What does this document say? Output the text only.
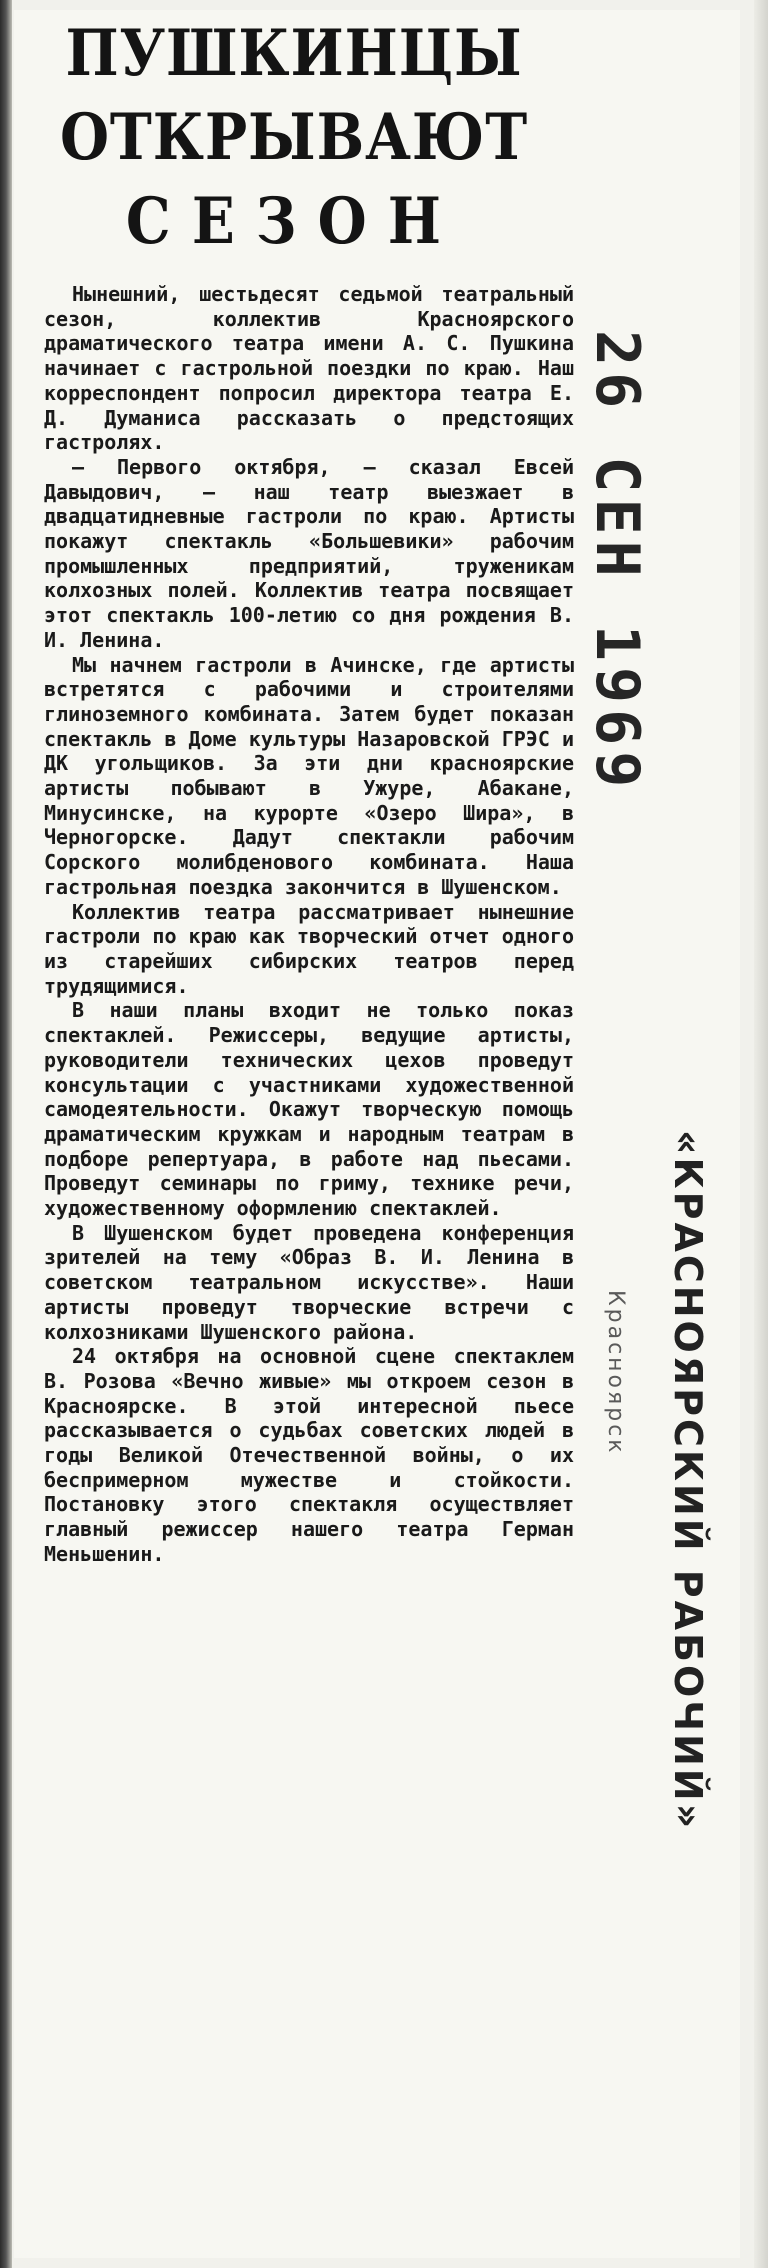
ПУШКИНЦЫ
ОТКРЫВАЮТ
СЕЗОН

Нынешний, шестьдесят седьмой театральный сезон, коллектив Красноярского драматического театра имени А. С. Пушкина начинает с гастрольной поездки по краю. Наш корреспондент попросил директора театра Е. Д. Думаниса рассказать о предстоящих гастролях.

— Первого октября, — сказал Евсей Давыдович, — наш театр выезжает в двадцатидневные гастроли по краю. Артисты покажут спектакль «Большевики» рабочим промышленных предприятий, труженикам колхозных полей. Коллектив театра посвящает этот спектакль 100-летию со дня рождения В. И. Ленина.

Мы начнем гастроли в Ачинске, где артисты встретятся с рабочими и строителями глиноземного комбината. Затем будет показан спектакль в Доме культуры Назаровской ГРЭС и ДК угольщиков. За эти дни красноярские артисты побывают в Ужуре, Абакане, Минусинске, на курорте «Озеро Шира», в Черногорске. Дадут спектакли рабочим Сорского молибденового комбината. Наша гастрольная поездка закончится в Шушенском.

Коллектив театра рассматривает нынешние гастроли по краю как творческий отчет одного из старейших сибирских театров перед трудящимися.

В наши планы входит не только показ спектаклей. Режиссеры, ведущие артисты, руководители технических цехов проведут консультации с участниками художественной самодеятельности. Окажут творческую помощь драматическим кружкам и народным театрам в подборе репертуара, в работе над пьесами. Проведут семинары по гриму, технике речи, художественному оформлению спектаклей.

В Шушенском будет проведена конференция зрителей на тему «Образ В. И. Ленина в советском театральном искусстве». Наши артисты проведут творческие встречи с колхозниками Шушенского района.

24 октября на основной сцене спектаклем В. Розова «Вечно живые» мы откроем сезон в Красноярске. В этой интересной пьесе рассказывается о судьбах советских людей в годы Великой Отечественной войны, о их беспримерном мужестве и стойкости. Постановку этого спектакля осуществляет главный режиссер нашего театра Герман Меньшенин.

26 СЕН 1969
«КРАСНОЯРСКИЙ РАБОЧИЙ»
Красноярск
